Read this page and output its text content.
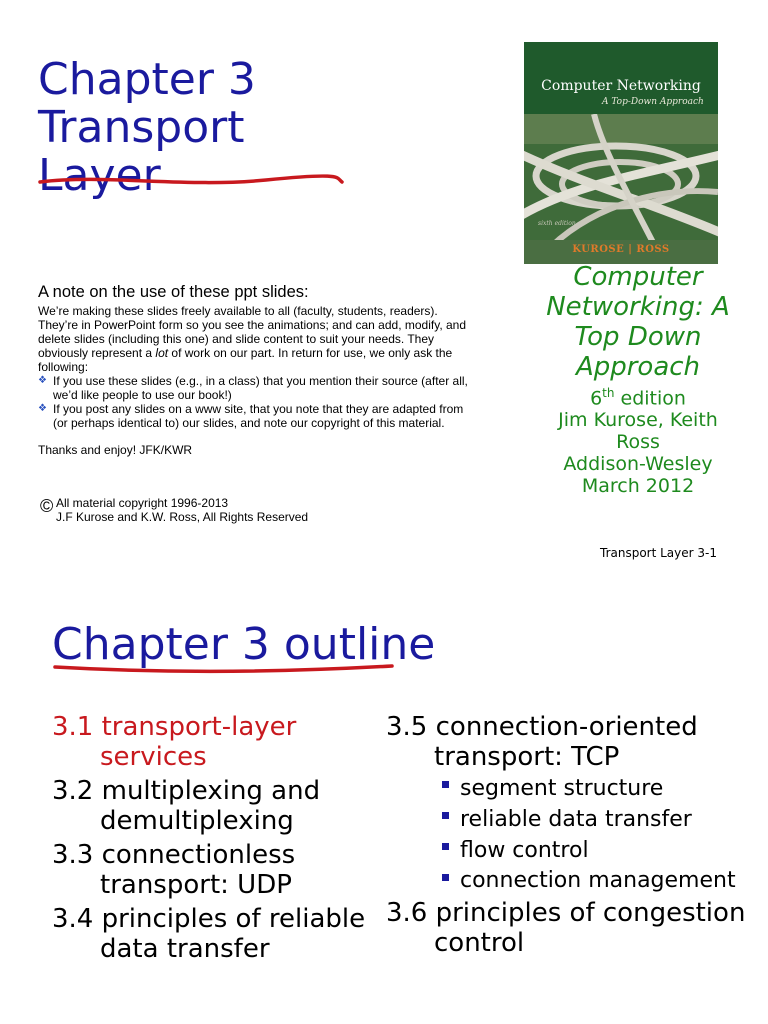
Chapter 3
Transport
Layer
Computer Networking
A Top-Down Approach
sixth edition
KUROSE | ROSS
Computer
Networking: A
Top Down
Approach
6th edition
Jim Kurose, Keith
Ross
Addison-Wesley
March 2012
A note on the use of these ppt slides:
We’re making these slides freely available to all (faculty, students, readers). They’re in PowerPoint form so you see the animations; and can add, modify, and delete slides (including this one) and slide content to suit your needs. They obviously represent a lot of work on our part. In return for use, we only ask the following:
❖ If you use these slides (e.g., in a class) that you mention their source (after all, we’d like people to use our book!)
❖ If you post any slides on a www site, that you note that they are adapted from (or perhaps identical to) our slides, and note our copyright of this material.
Thanks and enjoy! JFK/KWR
© All material copyright 1996-2013
J.F Kurose and K.W. Ross, All Rights Reserved
Transport Layer 3-1
Chapter 3 outline
3.1 transport-layer services
3.2 multiplexing and demultiplexing
3.3 connectionless transport: UDP
3.4 principles of reliable data transfer
3.5 connection-oriented transport: TCP
segment structure
reliable data transfer
flow control
connection management
3.6 principles of congestion control
